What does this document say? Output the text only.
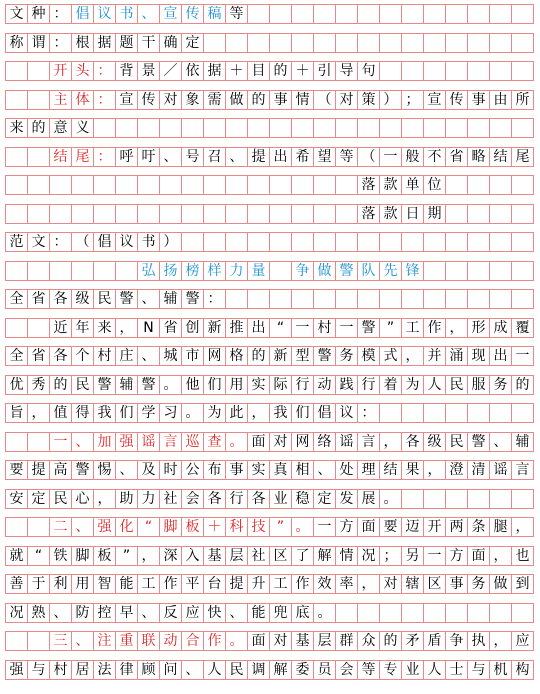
文 种 ： 倡 议 书 、 宣 传 稿 等
称 谓 ： 根 据 题 干 确 定
开 头 ： 背 景 ／ 依 据 ＋ 目 的 ＋ 引 导 句
主 体 ： 宣 传 对 象 需 做 的 事 情 （ 对 策 ） ； 宣 传 事 由 所
来 的 意 义
结 尾 ： 呼 吁 、 号 召 、 提 出 希 望 等 （ 一 般 不 省 略 结 尾
落 款 单 位
落 款 日 期
范 文 ： （ 倡 议 书 ）
弘 扬 榜 样 力 量	争 做 警 队 先 锋
全 省 各 级 民 警 、 辅 警 ：
近 年 来 ， N 省 创 新 推 出 “ 一 村 一 警 ” 工 作 ， 形 成 覆
全 省 各 个 村 庄 、 城 市 网 格 的 新 型 警 务 模 式 ， 并 涌 现 出 一
优 秀 的 民 警 辅 警 。 他 们 用 实 际 行 动 践 行 着 为 人 民 服 务 的
旨 ， 值 得 我 们 学 习 。 为 此 ， 我 们 倡 议 ：
一 、 加 强 谣 言 巡 查 。 面 对 网 络 谣 言 ， 各 级 民 警 、 辅
要 提 高 警 惕 、 及 时 公 布 事 实 真 相 、 处 理 结 果 ， 澄 清 谣 言
安 定 民 心 ， 助 力 社 会 各 行 各 业 稳 定 发 展 。
二 、 强 化 “ 脚 板 ＋ 科 技 ” 。 一 方 面 要 迈 开 两 条 腿 ，
就 “ 铁 脚 板 ” ， 深 入 基 层 社 区 了 解 情 况 ； 另 一 方 面 ， 也
善 于 利 用 智 能 工 作 平 台 提 升 工 作 效 率 ， 对 辖 区 事 务 做 到
况 熟 、 防 控 早 、 反 应 快 、 能 兜 底 。
三 、 注 重 联 动 合 作 。 面 对 基 层 群 众 的 矛 盾 争 执 ， 应
强 与 村 居 法 律 顾 问 、 人 民 调 解 委 员 会 等 专 业 人 士 与 机 构
